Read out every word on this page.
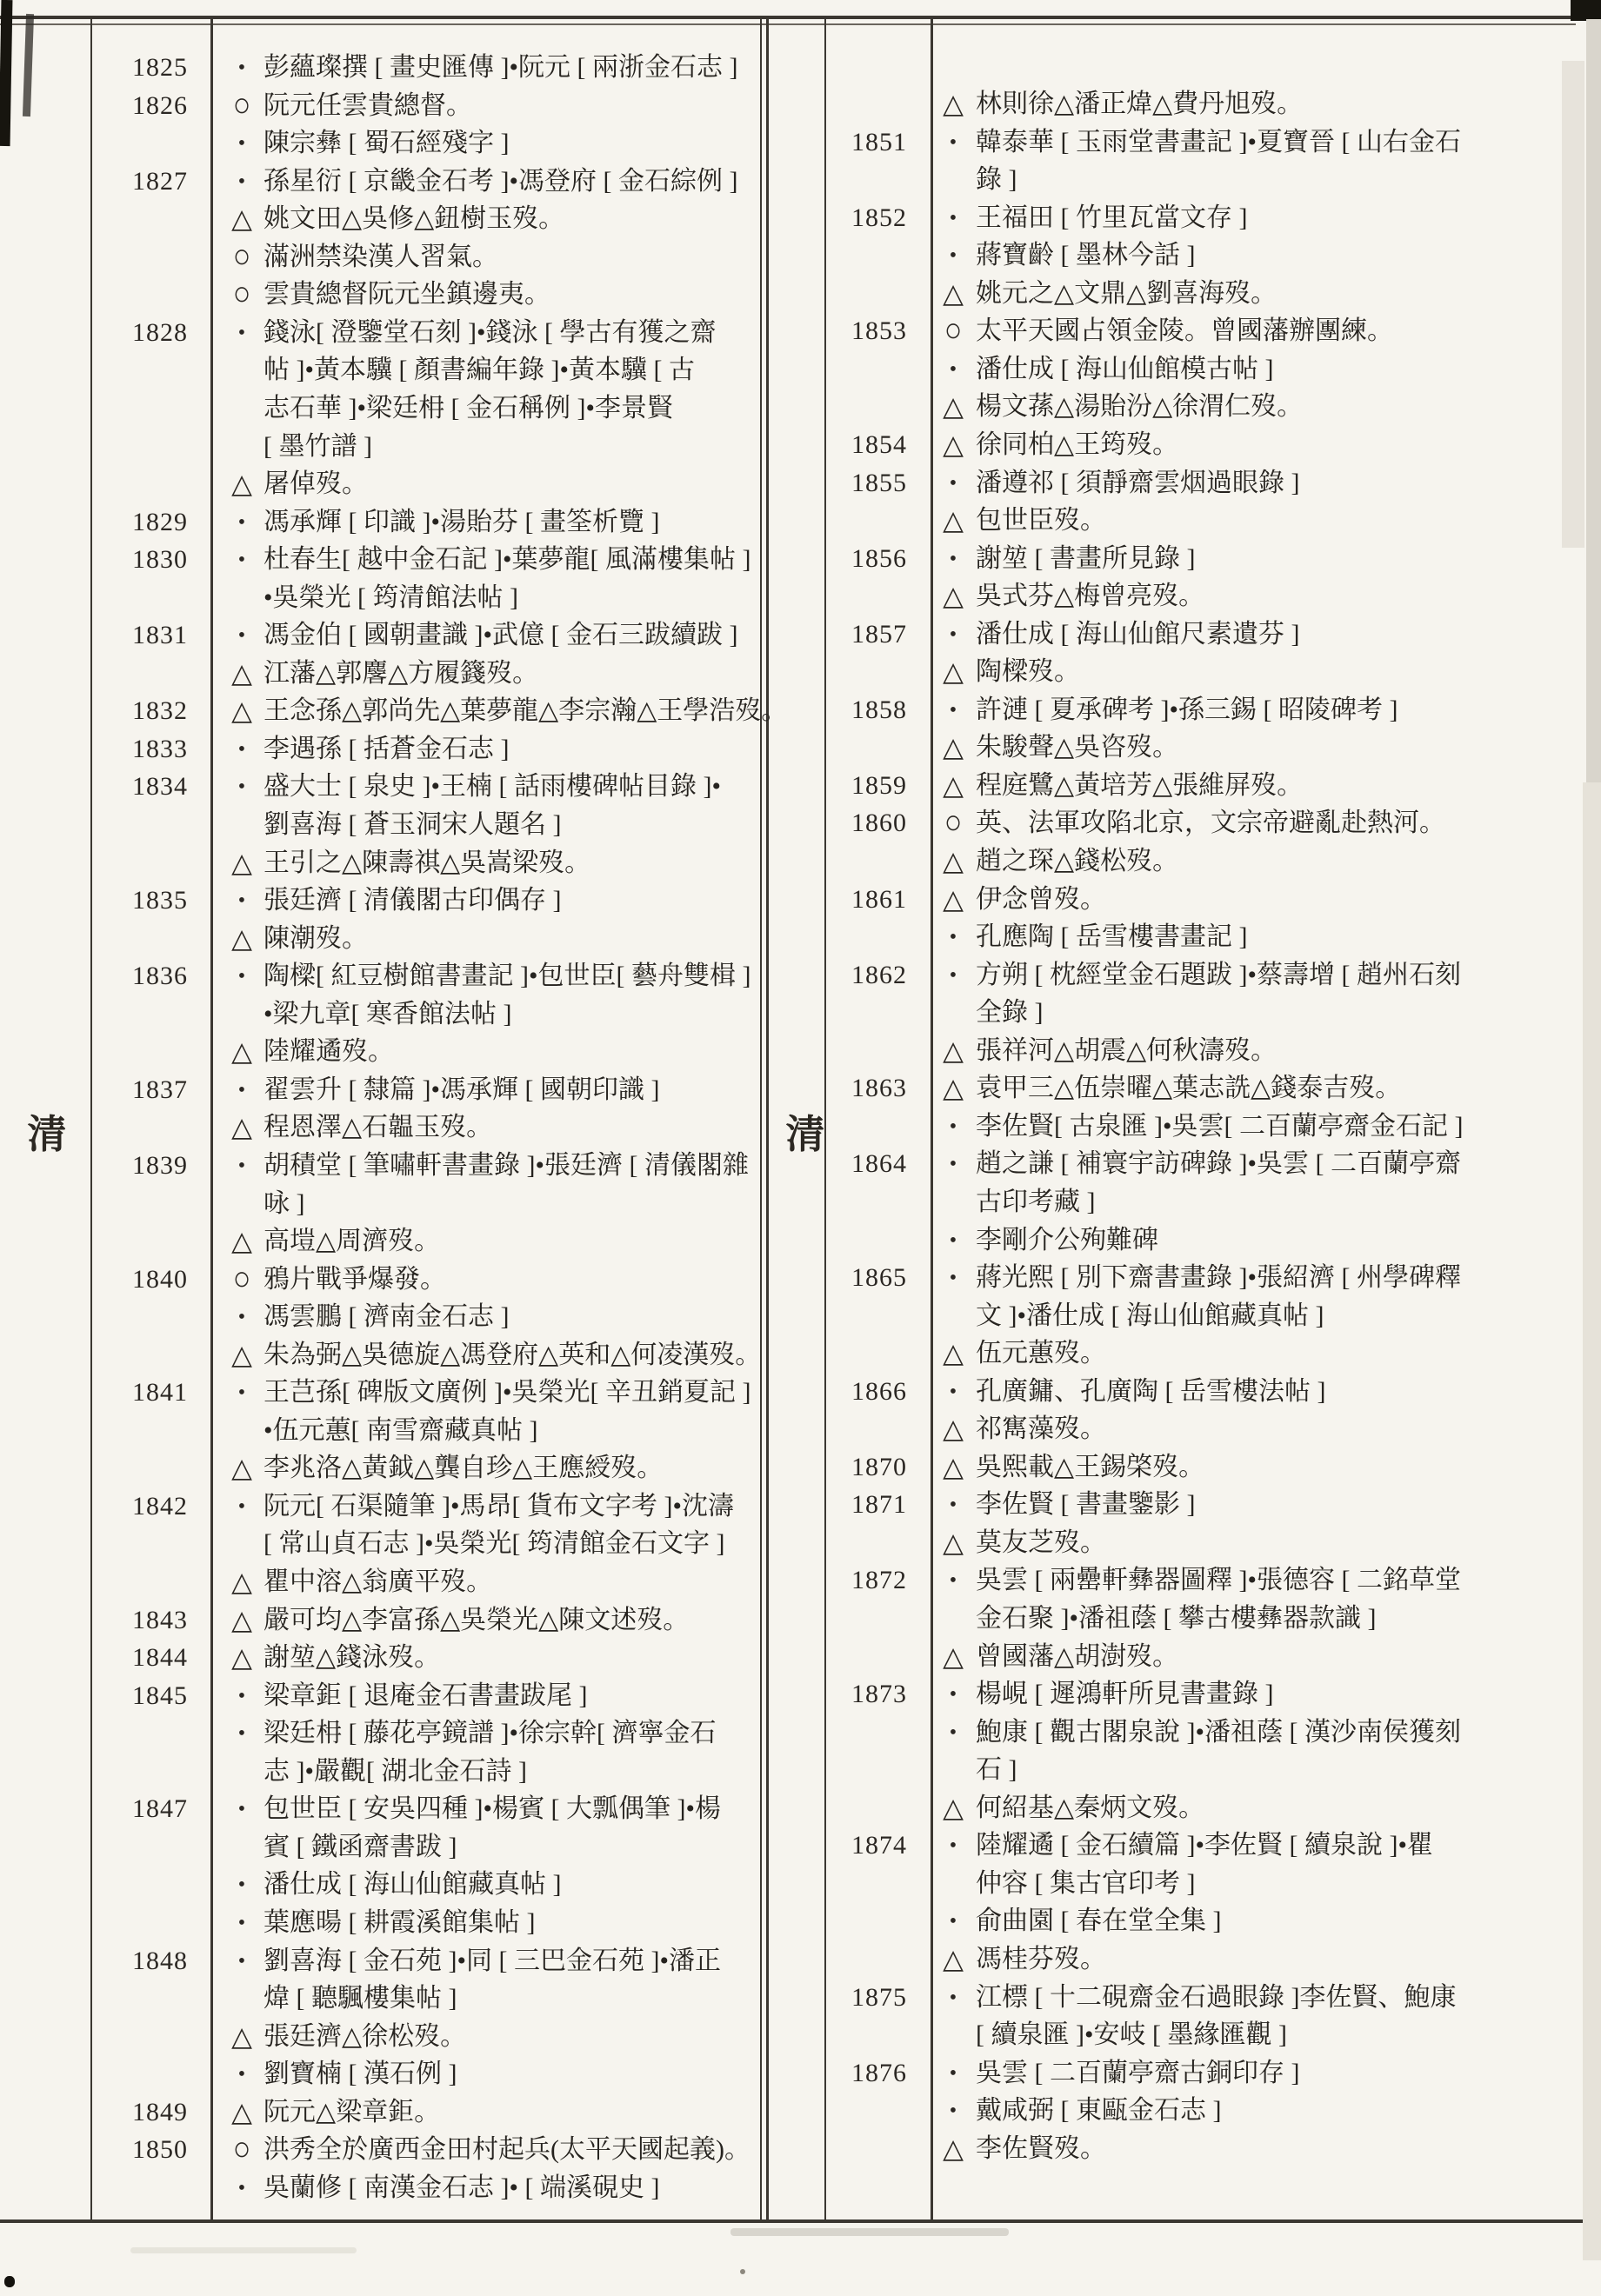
清	清
1825	• 彭蘊璨撰 [ 畫史匯傳 ]•阮元 [ 兩浙金石志 ]
1826	○ 阮元任雲貴總督。
• 陳宗彝 [ 蜀石經殘字 ]
1827	• 孫星衍 [ 京畿金石考 ]•馮登府 [ 金石綜例 ]
△ 姚文田△吳修△鈕樹玉歿。
○ 滿洲禁染漢人習氣。
○ 雲貴總督阮元坐鎮邊夷。
1828	• 錢泳[ 澄鑒堂石刻 ]•錢泳 [ 學古有獲之齋
帖 ]•黃本驥 [ 顏書編年錄 ]•黃本驥 [ 古
志石華 ]•梁廷枏 [ 金石稱例 ]•李景賢
[ 墨竹譜 ]
△ 屠倬歿。
1829	• 馮承輝 [ 印識 ]•湯貽芬 [ 畫筌析覽 ]
1830	• 杜春生[ 越中金石記 ]•葉夢龍[ 風滿樓集帖 ]
•吳榮光 [ 筠清館法帖 ]
1831	• 馮金伯 [ 國朝畫識 ]•武億 [ 金石三跋續跋 ]
△ 江藩△郭麐△方履籛歿。
1832	△ 王念孫△郭尚先△葉夢龍△李宗瀚△王學浩歿。
1833	• 李遇孫 [ 括蒼金石志 ]
1834	• 盛大士 [ 泉史 ]•王楠 [ 話雨樓碑帖目錄 ]•
劉喜海 [ 蒼玉洞宋人題名 ]
△ 王引之△陳壽祺△吳嵩梁歿。
1835	• 張廷濟 [ 清儀閣古印偶存 ]
△ 陳潮歿。
1836	• 陶樑[ 紅豆樹館書畫記 ]•包世臣[ 藝舟雙楫 ]
•梁九章[ 寒香館法帖 ]
△ 陸耀遹歿。
1837	• 翟雲升 [ 隸篇 ]•馮承輝 [ 國朝印識 ]
△ 程恩澤△石韞玉歿。
1839	• 胡積堂 [ 筆嘯軒書畫錄 ]•張廷濟 [ 清儀閣雜
咏 ]
△ 高塏△周濟歿。
1840	○ 鴉片戰爭爆發。
• 馮雲鵬 [ 濟南金石志 ]
△ 朱為弼△吳德旋△馮登府△英和△何凌漢歿。
1841	• 王芑孫[ 碑版文廣例 ]•吳榮光[ 辛丑銷夏記 ]
•伍元蕙[ 南雪齋藏真帖 ]
△ 李兆洛△黃鉞△龔自珍△王應綬歿。
1842	• 阮元[ 石渠隨筆 ]•馬昂[ 貨布文字考 ]•沈濤
[ 常山貞石志 ]•吳榮光[ 筠清館金石文字 ]
△ 瞿中溶△翁廣平歿。
1843	△ 嚴可均△李富孫△吳榮光△陳文述歿。
1844	△ 謝堃△錢泳歿。
1845	• 梁章鉅 [ 退庵金石書畫跋尾 ]
• 梁廷枏 [ 藤花亭鏡譜 ]•徐宗幹[ 濟寧金石
志 ]•嚴觀[ 湖北金石詩 ]
1847	• 包世臣 [ 安吳四種 ]•楊賓 [ 大瓢偶筆 ]•楊
賓 [ 鐵函齋書跋 ]
• 潘仕成 [ 海山仙館藏真帖 ]
• 葉應暘 [ 耕霞溪館集帖 ]
1848	• 劉喜海 [ 金石苑 ]•同 [ 三巴金石苑 ]•潘正
煒 [ 聽颿樓集帖 ]
△ 張廷濟△徐松歿。
• 劉寶楠 [ 漢石例 ]
1849	△ 阮元△梁章鉅。
1850	○ 洪秀全於廣西金田村起兵(太平天國起義)。
• 吳蘭修 [ 南漢金石志 ]• [ 端溪硯史 ]
△ 林則徐△潘正煒△費丹旭歿。
1851	• 韓泰華 [ 玉雨堂書畫記 ]•夏寶晉 [ 山右金石
錄 ]
1852	• 王福田 [ 竹里瓦當文存 ]
• 蔣寶齡 [ 墨林今話 ]
△ 姚元之△文鼎△劉喜海歿。
1853	○ 太平天國占領金陵。曾國藩辦團練。
• 潘仕成 [ 海山仙館模古帖 ]
△ 楊文蓀△湯貽汾△徐渭仁歿。
1854	△ 徐同柏△王筠歿。
1855	• 潘遵祁 [ 須靜齋雲烟過眼錄 ]
△ 包世臣歿。
1856	• 謝堃 [ 書畫所見錄 ]
△ 吳式芬△梅曾亮歿。
1857	• 潘仕成 [ 海山仙館尺素遺芬 ]
△ 陶樑歿。
1858	• 許漣 [ 夏承碑考 ]•孫三錫 [ 昭陵碑考 ]
△ 朱駿聲△吳咨歿。
1859	△ 程庭鷺△黃培芳△張維屏歿。
1860	○ 英、法軍攻陷北京，文宗帝避亂赴熱河。
△ 趙之琛△錢松歿。
1861	△ 伊念曾歿。
• 孔應陶 [ 岳雪樓書畫記 ]
1862	• 方朔 [ 枕經堂金石題跋 ]•蔡壽增 [ 趙州石刻
全錄 ]
△ 張祥河△胡震△何秋濤歿。
1863	△ 袁甲三△伍崇曜△葉志詵△錢泰吉歿。
• 李佐賢[ 古泉匯 ]•吳雲[ 二百蘭亭齋金石記 ]
1864	• 趙之謙 [ 補寰宇訪碑錄 ]•吳雲 [ 二百蘭亭齋
古印考藏 ]
• 李剛介公殉難碑
1865	• 蔣光熙 [ 別下齋書畫錄 ]•張紹濟 [ 州學碑釋
文 ]•潘仕成 [ 海山仙館藏真帖 ]
△ 伍元蕙歿。
1866	• 孔廣鏞、孔廣陶 [ 岳雪樓法帖 ]
△ 祁寯藻歿。
1870	△ 吳熙載△王錫棨歿。
1871	• 李佐賢 [ 書畫鑒影 ]
△ 莫友芝歿。
1872	• 吳雲 [ 兩罍軒彝器圖釋 ]•張德容 [ 二銘草堂
金石聚 ]•潘祖蔭 [ 攀古樓彝器款識 ]
△ 曾國藩△胡澍歿。
1873	• 楊峴 [ 遲鴻軒所見書畫錄 ]
• 鮑康 [ 觀古閣泉說 ]•潘祖蔭 [ 漢沙南侯獲刻
石 ]
△ 何紹基△秦炳文歿。
1874	• 陸耀遹 [ 金石續篇 ]•李佐賢 [ 續泉說 ]•瞿
仲容 [ 集古官印考 ]
• 俞曲園 [ 春在堂全集 ]
△ 馮桂芬歿。
1875	• 江標 [ 十二硯齋金石過眼錄 ]李佐賢、鮑康
[ 續泉匯 ]•安岐 [ 墨緣匯觀 ]
1876	• 吳雲 [ 二百蘭亭齋古銅印存 ]
• 戴咸弼 [ 東甌金石志 ]
△ 李佐賢歿。
